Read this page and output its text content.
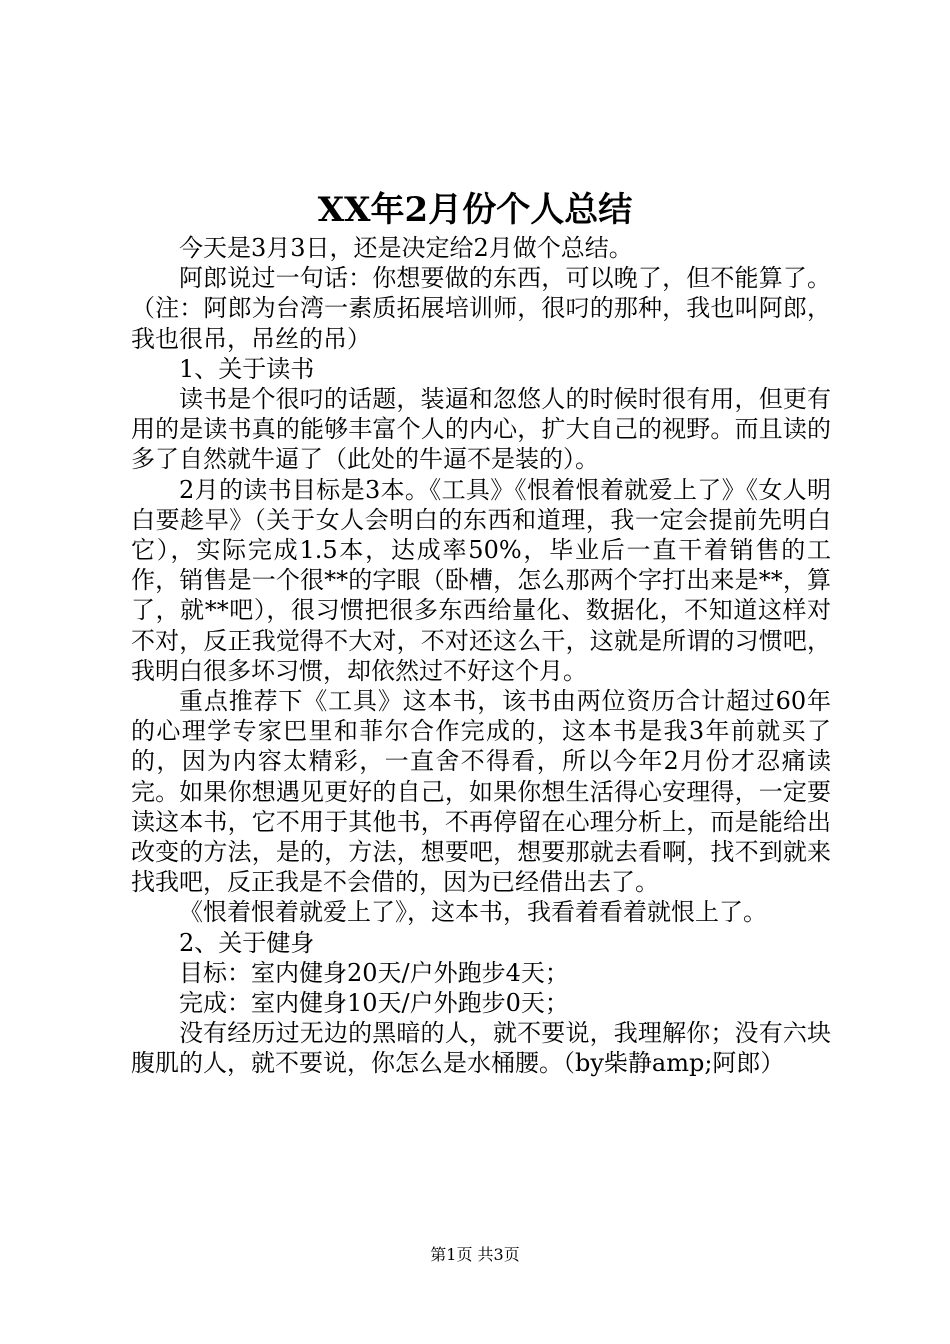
XX年2月份个人总结

今天是3月3日，还是决定给2月做个总结。

阿郎说过一句话：你想要做的东西，可以晚了，但不能算了。（注：阿郎为台湾一素质拓展培训师，很叼的那种，我也叫阿郎，我也很吊，吊丝的吊）

1、关于读书

读书是个很叼的话题，装逼和忽悠人的时候时很有用，但更有用的是读书真的能够丰富个人的内心，扩大自己的视野。而且读的多了自然就牛逼了（此处的牛逼不是装的）。

2月的读书目标是3本。《工具》《恨着恨着就爱上了》《女人明白要趁早》（关于女人会明白的东西和道理，我一定会提前先明白它），实际完成1.5本，达成率50%，毕业后一直干着销售的工作，销售是一个很**的字眼（卧槽，怎么那两个字打出来是**，算了，就**吧），很习惯把很多东西给量化、数据化，不知道这样对不对，反正我觉得不大对，不对还这么干，这就是所谓的习惯吧，我明白很多坏习惯，却依然过不好这个月。

重点推荐下《工具》这本书，该书由两位资历合计超过60年的心理学专家巴里和菲尔合作完成的，这本书是我3年前就买了的，因为内容太精彩，一直舍不得看，所以今年2月份才忍痛读完。如果你想遇见更好的自己，如果你想生活得心安理得，一定要读这本书，它不用于其他书，不再停留在心理分析上，而是能给出改变的方法，是的，方法，想要吧，想要那就去看啊，找不到就来找我吧，反正我是不会借的，因为已经借出去了。

《恨着恨着就爱上了》，这本书，我看着看着就恨上了。

2、关于健身

目标：室内健身20天/户外跑步4天；

完成：室内健身10天/户外跑步0天；

没有经历过无边的黑暗的人，就不要说，我理解你；没有六块腹肌的人，就不要说，你怎么是水桶腰。（by柴静amp;阿郎）

第1页 共3页
